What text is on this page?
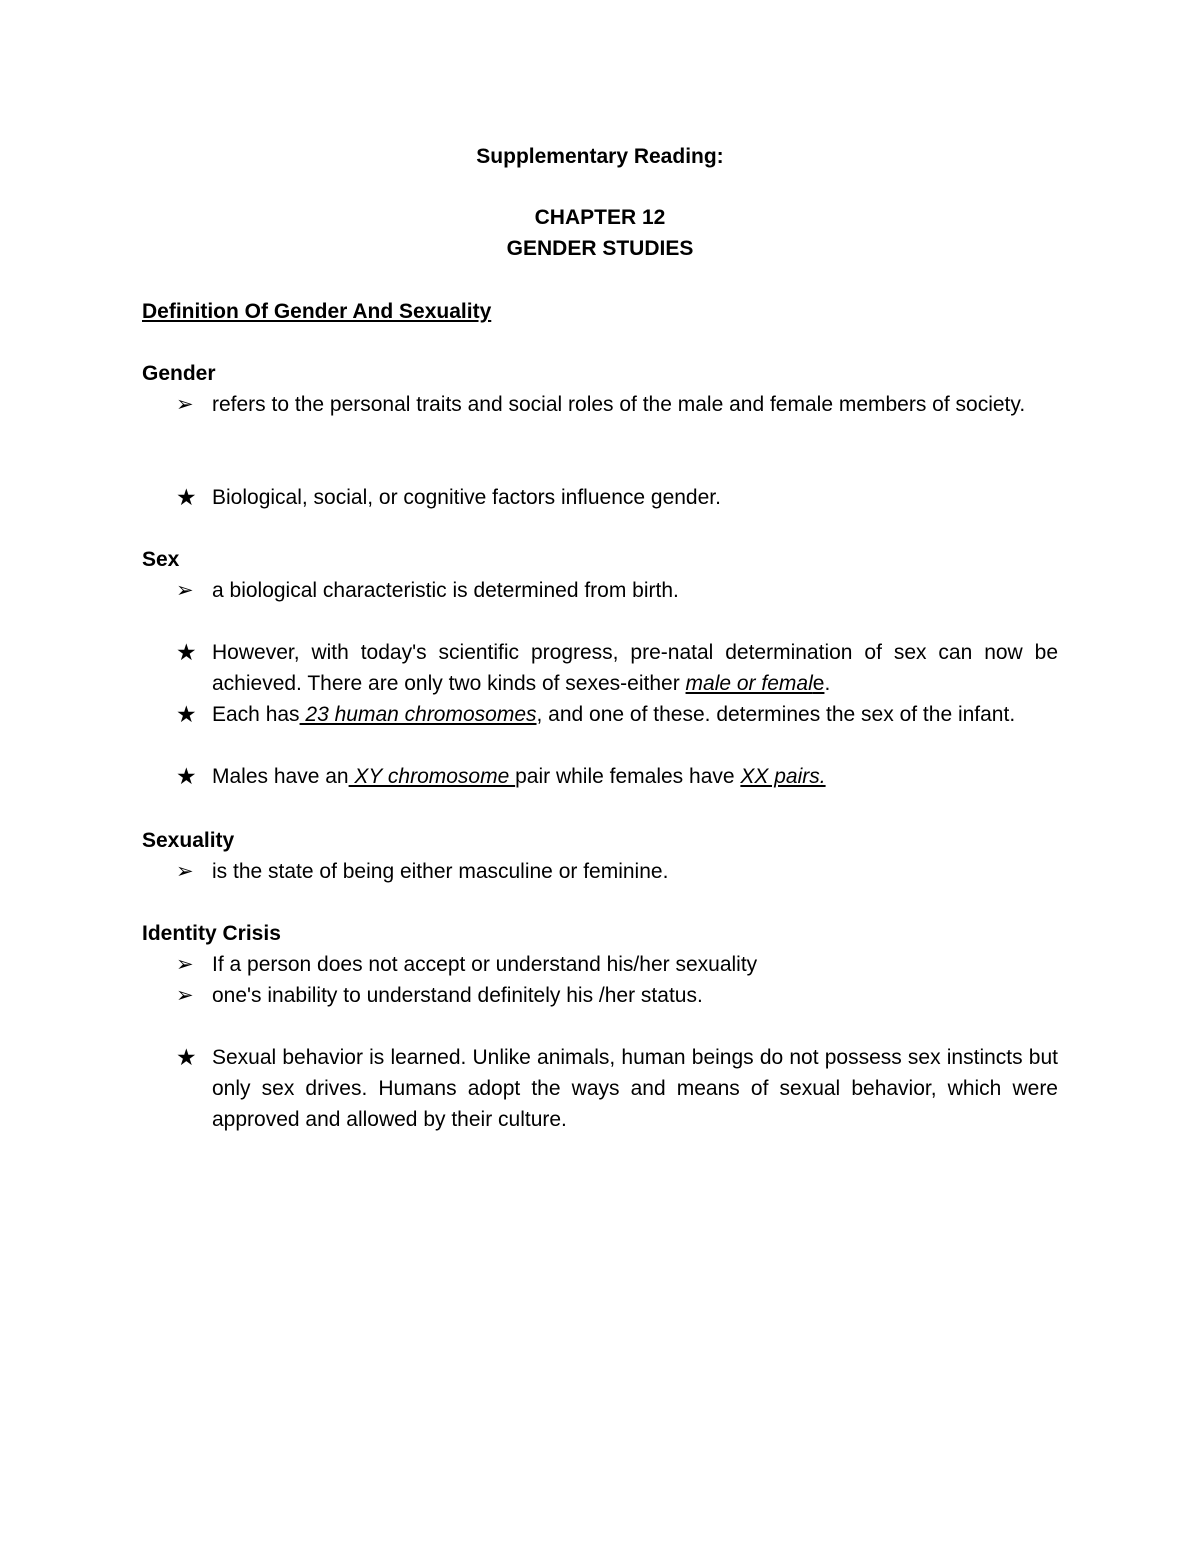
Supplementary Reading:
CHAPTER 12
GENDER STUDIES
Definition Of Gender And Sexuality
Gender
➢ refers to the personal traits and social roles of the male and female members of society.
★ Biological, social, or cognitive factors influence gender.
Sex
➢ a biological characteristic is determined from birth.
★ However, with today's scientific progress, pre-natal determination of sex can now be achieved. There are only two kinds of sexes-either male or female.
★ Each has 23 human chromosomes, and one of these. determines the sex of the infant.
★ Males have an XY chromosome pair while females have XX pairs.
Sexuality
➢ is the state of being either masculine or feminine.
Identity Crisis
➢ If a person does not accept or understand his/her sexuality
➢ one's inability to understand definitely his /her status.
★ Sexual behavior is learned. Unlike animals, human beings do not possess sex instincts but only sex drives. Humans adopt the ways and means of sexual behavior, which were approved and allowed by their culture.
